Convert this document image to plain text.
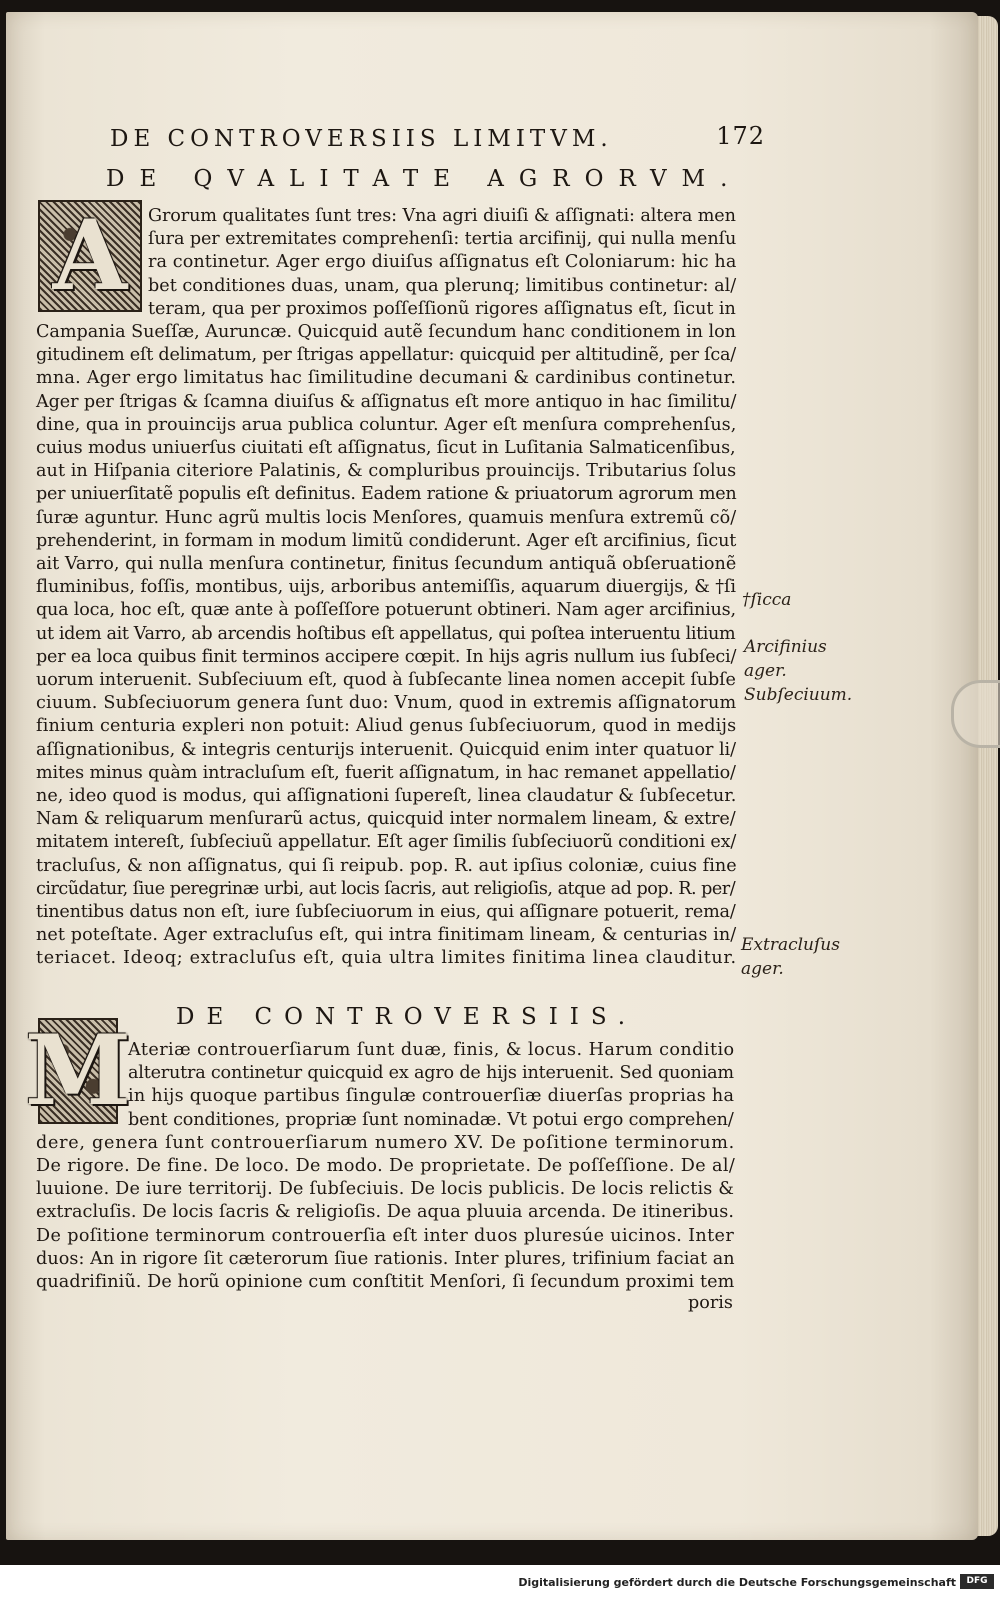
DE CONTROVERSIIS LIMITVM.	172
DE QVALITATE AGRORVM.
A	Grorum qualitates ſunt tres: Vna agri diuiſi & aſſignati: altera men
ſura per extremitates comprehenſi: tertia arcifinij, qui nulla menſu
ra continetur. Ager ergo diuiſus aſſignatus eſt Coloniarum: hic ha
bet conditiones duas, unam, qua plerunq; limitibus continetur: al/
teram, qua per proximos poſſeſſionũ rigores aſſignatus eſt, ſicut in
Campania Sueſſæ, Auruncæ. Quicquid autẽ ſecundum hanc conditionem in lon
gitudinem eſt delimatum, per ſtrigas appellatur: quicquid per altitudinẽ, per ſca/
mna. Ager ergo limitatus hac ſimilitudine decumani & cardinibus continetur.
Ager per ſtrigas & ſcamna diuiſus & aſſignatus eſt more antiquo in hac ſimilitu/
dine, qua in prouincijs arua publica coluntur. Ager eſt menſura comprehenſus,
cuius modus uniuerſus ciuitati eſt aſſignatus, ſicut in Luſitania Salmaticenſibus,
aut in Hiſpania citeriore Palatinis, & compluribus prouincijs. Tributarius ſolus
per uniuerſitatẽ populis eſt definitus. Eadem ratione & priuatorum agrorum men
ſuræ aguntur. Hunc agrũ multis locis Menſores, quamuis menſura extremũ cõ/
prehenderint, in formam in modum limitũ condiderunt. Ager eſt arcifinius, ſicut
ait Varro, qui nulla menſura continetur, finitus ſecundum antiquã obſeruationẽ
fluminibus, foſſis, montibus, uijs, arboribus antemiſſis, aquarum diuergijs, & †ſi
qua loca, hoc eſt, quæ ante à poſſeſſore potuerunt obtineri. Nam ager arcifinius,
ut idem ait Varro, ab arcendis hoſtibus eſt appellatus, qui poſtea interuentu litium
per ea loca quibus finit terminos accipere cœpit. In hijs agris nullum ius ſubſeci/
uorum interuenit. Subſeciuum eſt, quod à ſubſecante linea nomen accepit ſubſe
ciuum. Subſeciuorum genera ſunt duo: Vnum, quod in extremis aſſignatorum
finium centuria expleri non potuit: Aliud genus ſubſeciuorum, quod in medijs
aſſignationibus, & integris centurijs interuenit. Quicquid enim inter quatuor li/
mites minus quàm intracluſum eſt, fuerit aſſignatum, in hac remanet appellatio/
ne, ideo quod is modus, qui aſſignationi ſupereſt, linea claudatur & ſubſecetur.
Nam & reliquarum menſurarũ actus, quicquid inter normalem lineam, & extre/
mitatem intereſt, ſubſeciuũ appellatur. Eſt ager ſimilis ſubſeciuorũ conditioni ex/
tracluſus, & non aſſignatus, qui ſi reipub. pop. R. aut ipſius coloniæ, cuius fine
circũdatur, ſiue peregrinæ urbi, aut locis ſacris, aut religioſis, atque ad pop. R. per/
tinentibus datus non eſt, iure ſubſeciuorum in eius, qui aſſignare potuerit, rema/
net poteſtate. Ager extracluſus eſt, qui intra finitimam lineam, & centurias in/
teriacet. Ideoq; extracluſus eſt, quia ultra limites finitima linea clauditur.
†ſicca
Arcifinius
ager.
Subſeciuum.
Extracluſus
ager.
DE CONTROVERSIIS.
M
Ateriæ controuerſiarum ſunt duæ, finis, & locus. Harum conditio
alterutra continetur quicquid ex agro de hijs interuenit. Sed quoniam
in hijs quoque partibus ſingulæ controuerſiæ diuerſas proprias ha
bent conditiones, propriæ ſunt nominadæ. Vt potui ergo comprehen/
dere, genera ſunt controuerſiarum numero XV. De poſitione terminorum.
De rigore. De fine. De loco. De modo. De proprietate. De poſſeſſione. De al/
luuione. De iure territorij. De ſubſeciuis. De locis publicis. De locis relictis &
extracluſis. De locis ſacris & religioſis. De aqua pluuia arcenda. De itineribus.
De poſitione terminorum controuerſia eſt inter duos pluresúe uicinos. Inter
duos: An in rigore ſit cæterorum ſiue rationis. Inter plures, trifinium faciat an
quadrifiniũ. De horũ opinione cum conſtitit Menſori, ſi ſecundum proximi tem
poris
Digitalisierung gefördert durch die Deutsche Forschungsgemeinschaft	DFG
